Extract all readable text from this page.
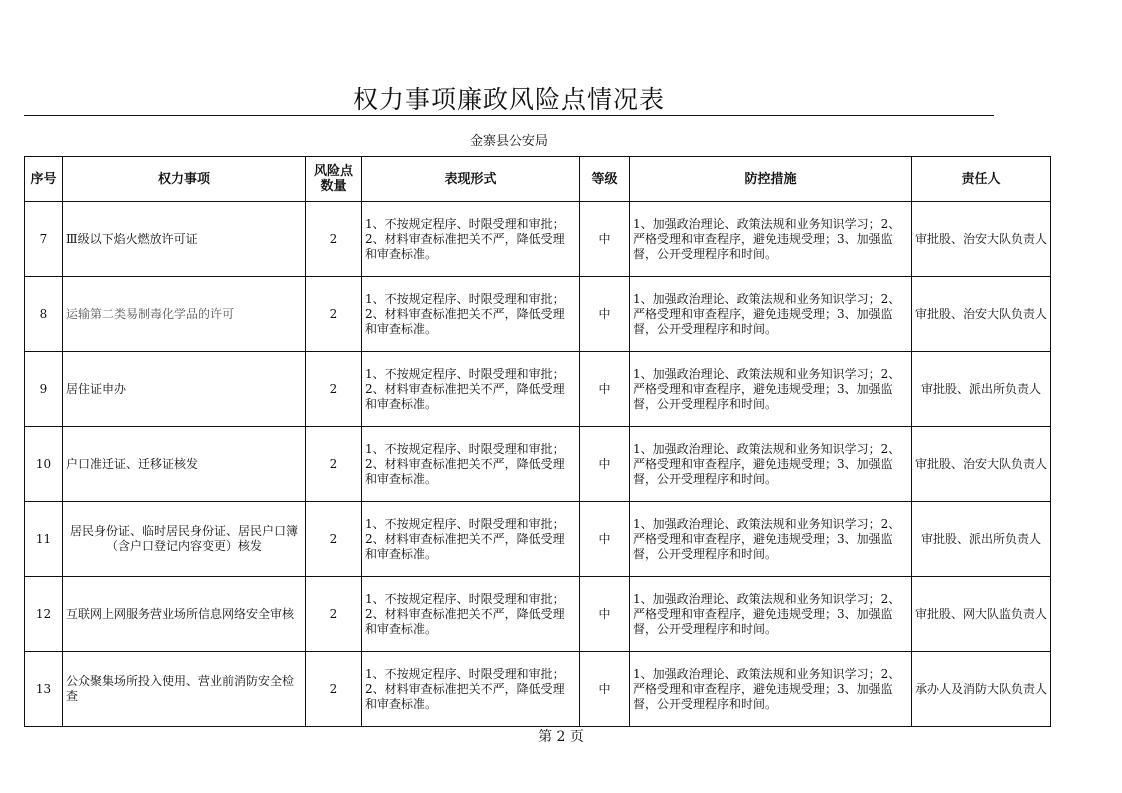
权力事项廉政风险点情况表
金寨县公安局
序号	权力事项	风险点数量	表现形式	等级	防控措施	责任人
7	Ⅲ级以下焰火燃放许可证	2	1、不按规定程序、时限受理和审批；2、材料审查标准把关不严，降低受理和审查标准。	中	1、加强政治理论、政策法规和业务知识学习；2、严格受理和审查程序，避免违规受理；3、加强监督，公开受理程序和时间。	审批股、治安大队负责人
8	运输第二类易制毒化学品的许可	2	1、不按规定程序、时限受理和审批；2、材料审查标准把关不严，降低受理和审查标准。	中	1、加强政治理论、政策法规和业务知识学习；2、严格受理和审查程序，避免违规受理；3、加强监督，公开受理程序和时间。	审批股、治安大队负责人
9	居住证申办	2	1、不按规定程序、时限受理和审批；2、材料审查标准把关不严，降低受理和审查标准。	中	1、加强政治理论、政策法规和业务知识学习；2、严格受理和审查程序，避免违规受理；3、加强监督，公开受理程序和时间。	审批股、派出所负责人
10	户口准迁证、迁移证核发	2	1、不按规定程序、时限受理和审批；2、材料审查标准把关不严，降低受理和审查标准。	中	1、加强政治理论、政策法规和业务知识学习；2、严格受理和审查程序，避免违规受理；3、加强监督，公开受理程序和时间。	审批股、治安大队负责人
11	居民身份证、临时居民身份证、居民户口簿（含户口登记内容变更）核发	2	1、不按规定程序、时限受理和审批；2、材料审查标准把关不严，降低受理和审查标准。	中	1、加强政治理论、政策法规和业务知识学习；2、严格受理和审查程序，避免违规受理；3、加强监督，公开受理程序和时间。	审批股、派出所负责人
12	互联网上网服务营业场所信息网络安全审核	2	1、不按规定程序、时限受理和审批；2、材料审查标准把关不严，降低受理和审查标准。	中	1、加强政治理论、政策法规和业务知识学习；2、严格受理和审查程序，避免违规受理；3、加强监督，公开受理程序和时间。	审批股、网大队监负责人
13	公众聚集场所投入使用、营业前消防安全检查	2	1、不按规定程序、时限受理和审批；2、材料审查标准把关不严，降低受理和审查标准。	中	1、加强政治理论、政策法规和业务知识学习；2、严格受理和审查程序，避免违规受理；3、加强监督，公开受理程序和时间。	承办人及消防大队负责人
第 2 页
